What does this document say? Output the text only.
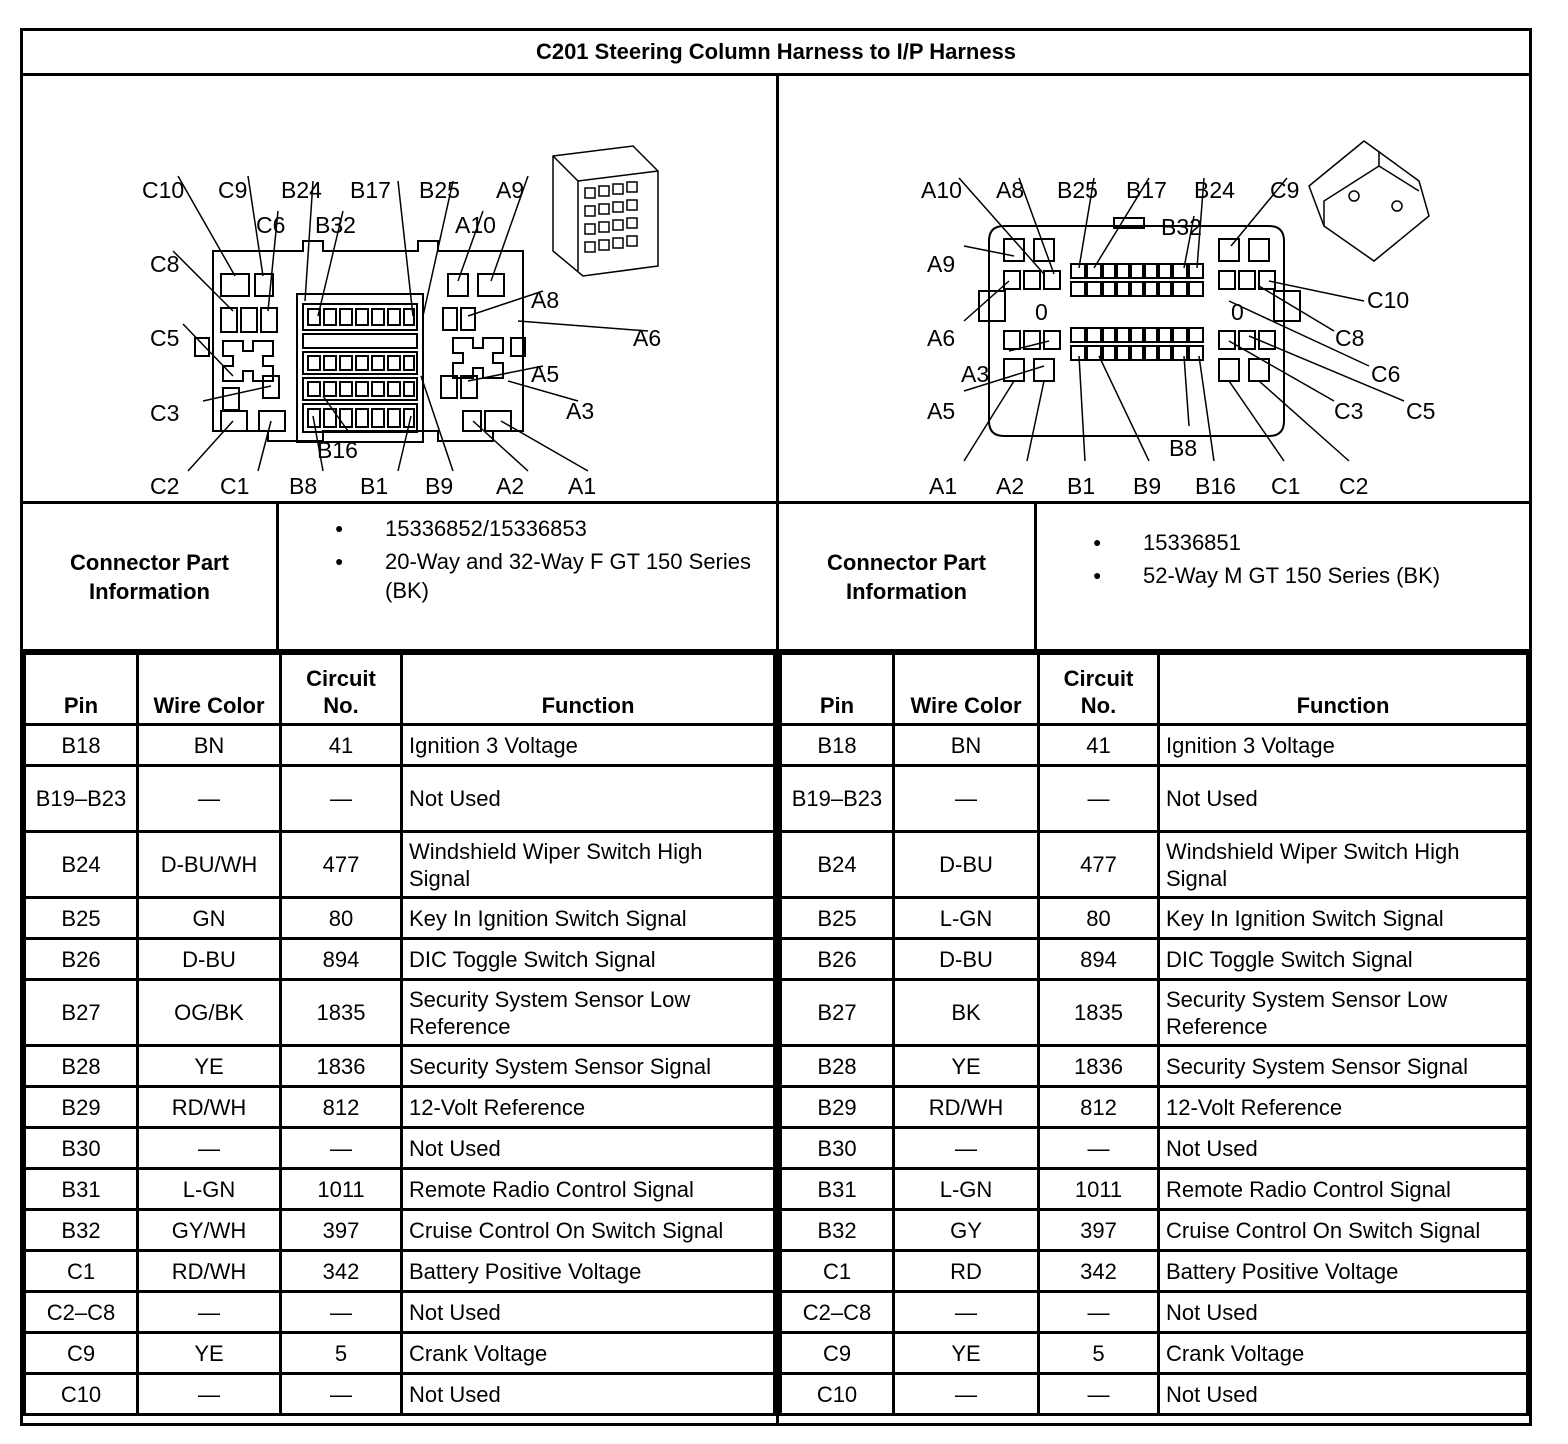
C201 Steering Column Harness to I/P Harness
C10 C9
C6
C8
C5
C3
C2 C1
B24
B32
B17 B25
B16
B8 B1 B9
A10
A9
A8
A6
A5
A3
A2 A1
0	0
A10 A8
A9
A6
A3
A5
A1 A2
B25 B17 B24
B32
B1 B9 B16
B8
C9
C10
C8
C6
C3 C5
C1 C2
Connector Part Information
● 15336852/15336853
● 20-Way and 32-Way F GT 150 Series (BK)
Connector Part Information
● 15336851
● 52-Way M GT 150 Series (BK)
Pin	Wire Color	Circuit No.	Function
B18	BN	41	Ignition 3 Voltage
B19–B23	—	—	Not Used
B24	D-BU/WH	477	Windshield Wiper Switch High Signal
B25	GN	80	Key In Ignition Switch Signal
B26	D-BU	894	DIC Toggle Switch Signal
B27	OG/BK	1835	Security System Sensor Low Reference
B28	YE	1836	Security System Sensor Signal
B29	RD/WH	812	12-Volt Reference
B30	—	—	Not Used
B31	L-GN	1011	Remote Radio Control Signal
B32	GY/WH	397	Cruise Control On Switch Signal
C1	RD/WH	342	Battery Positive Voltage
C2–C8	—	—	Not Used
C9	YE	5	Crank Voltage
C10	—	—	Not Used
Pin	Wire Color	Circuit No.	Function
B18	BN	41	Ignition 3 Voltage
B19–B23	—	—	Not Used
B24	D-BU	477	Windshield Wiper Switch High Signal
B25	L-GN	80	Key In Ignition Switch Signal
B26	D-BU	894	DIC Toggle Switch Signal
B27	BK	1835	Security System Sensor Low Reference
B28	YE	1836	Security System Sensor Signal
B29	RD/WH	812	12-Volt Reference
B30	—	—	Not Used
B31	L-GN	1011	Remote Radio Control Signal
B32	GY	397	Cruise Control On Switch Signal
C1	RD	342	Battery Positive Voltage
C2–C8	—	—	Not Used
C9	YE	5	Crank Voltage
C10	—	—	Not Used
